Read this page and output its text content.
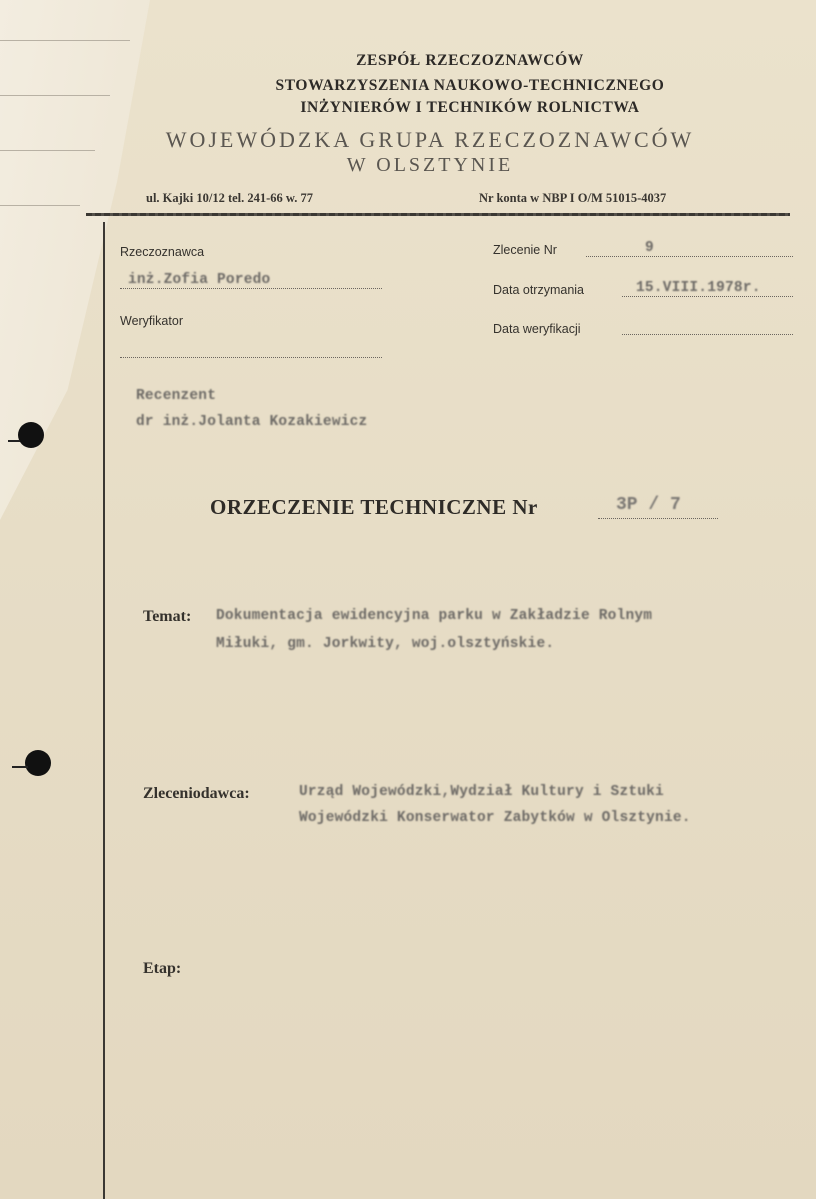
ZESPÓŁ RZECZOZNAWCÓW
STOWARZYSZENIA NAUKOWO-TECHNICZNEGO
INŻYNIERÓW I TECHNIKÓW ROLNICTWA
WOJEWÓDZKA GRUPA RZECZOZNAWCÓW
W OLSZTYNIE
ul. Kajki 10/12 tel. 241-66 w. 77	Nr konta w NBP I O/M 51015-4037
Rzeczoznawca
inż.Zofia Poredo
Weryfikator
Zlecenie Nr	9
Data otrzymania	15.VIII.1978r.
Data weryfikacji
Recenzent
dr inż.Jolanta Kozakiewicz
ORZECZENIE TECHNICZNE Nr	3P / 7
Temat: Dokumentacja ewidencyjna parku w Zakładzie Rolnym
Miłuki, gm. Jorkwity, woj.olsztyńskie.
Zleceniodawca:	Urząd Wojewódzki,Wydział Kultury i Sztuki
Wojewódzki Konserwator Zabytków w Olsztynie.
Etap:
